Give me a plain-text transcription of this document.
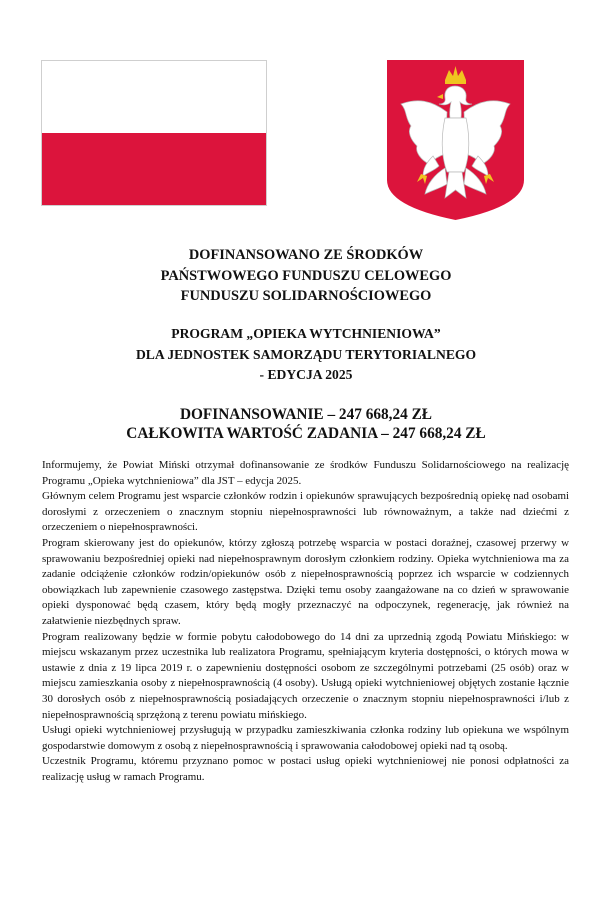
DOFINANSOWANO ZE ŚRODKÓW
PAŃSTWOWEGO FUNDUSZU CELOWEGO
FUNDUSZU SOLIDARNOŚCIOWEGO
PROGRAM „OPIEKA WYTCHNIENIOWA”
DLA JEDNOSTEK SAMORZĄDU TERYTORIALNEGO
- EDYCJA 2025
DOFINANSOWANIE – 247 668,24 ZŁ
CAŁKOWITA WARTOŚĆ ZADANIA – 247 668,24 ZŁ

Informujemy, że Powiat Miński otrzymał dofinansowanie ze środków Funduszu Solidarnościowego na realizację Programu „Opieka wytchnieniowa” dla JST – edycja 2025.

Głównym celem Programu jest wsparcie członków rodzin i opiekunów sprawujących bezpośrednią opiekę nad osobami dorosłymi z orzeczeniem o znacznym stopniu niepełnosprawności lub równoważnym, a także nad dziećmi z orzeczeniem o niepełnosprawności.

Program skierowany jest do opiekunów, którzy zgłoszą potrzebę wsparcia w postaci doraźnej, czasowej przerwy w sprawowaniu bezpośredniej opieki nad niepełnosprawnym dorosłym członkiem rodziny. Opieka wytchnieniowa ma za zadanie odciążenie członków rodzin/opiekunów osób z niepełnosprawnością poprzez ich wsparcie w codziennych obowiązkach lub zapewnienie czasowego zastępstwa. Dzięki temu osoby zaangażowane na co dzień w sprawowanie opieki dysponować będą czasem, który będą mogły przeznaczyć na odpoczynek, regenerację, jak również na załatwienie niezbędnych spraw.

Program realizowany będzie w formie pobytu całodobowego do 14 dni za uprzednią zgodą Powiatu Mińskiego: w miejscu wskazanym przez uczestnika lub realizatora Programu, spełniającym kryteria dostępności, o których mowa w ustawie z dnia z 19 lipca 2019 r. o zapewnieniu dostępności osobom ze szczególnymi potrzebami (25 osób) oraz w miejscu zamieszkania osoby z niepełnosprawnością (4 osoby). Usługą opieki wytchnieniowej objętych zostanie łącznie 30 dorosłych osób z niepełnosprawnością posiadających orzeczenie o znacznym stopniu niepełnosprawności i/lub z niepełnosprawnością sprzężoną z terenu powiatu mińskiego.

Usługi opieki wytchnieniowej przysługują w przypadku zamieszkiwania członka rodziny lub opiekuna we wspólnym gospodarstwie domowym z osobą z niepełnosprawnością i sprawowania całodobowej opieki nad tą osobą.

Uczestnik Programu, któremu przyznano pomoc w postaci usług opieki wytchnieniowej nie ponosi odpłatności za realizację usług w ramach Programu.
